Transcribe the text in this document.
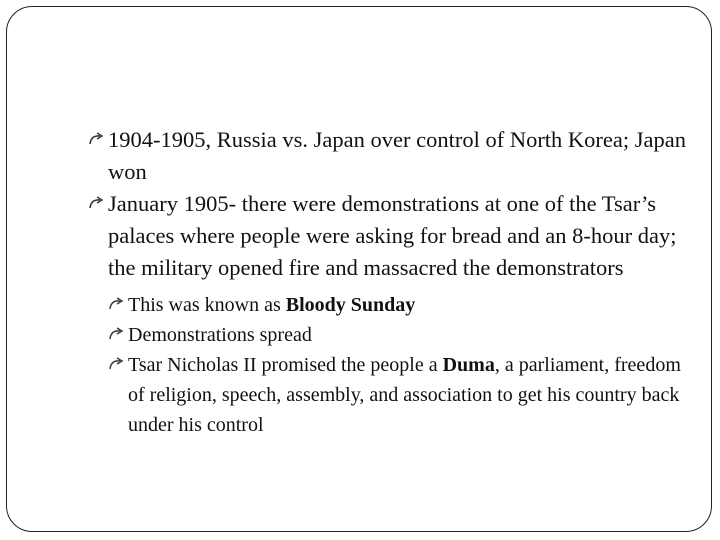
1904-1905, Russia vs. Japan over control of North Korea; Japan won
January 1905- there were demonstrations at one of the Tsar’s palaces where people were asking for bread and an 8-hour day; the military opened fire and massacred the demonstrators
This was known as Bloody Sunday
Demonstrations spread
Tsar Nicholas II promised the people a Duma, a parliament, freedom of religion, speech, assembly, and association to get his country back under his control
